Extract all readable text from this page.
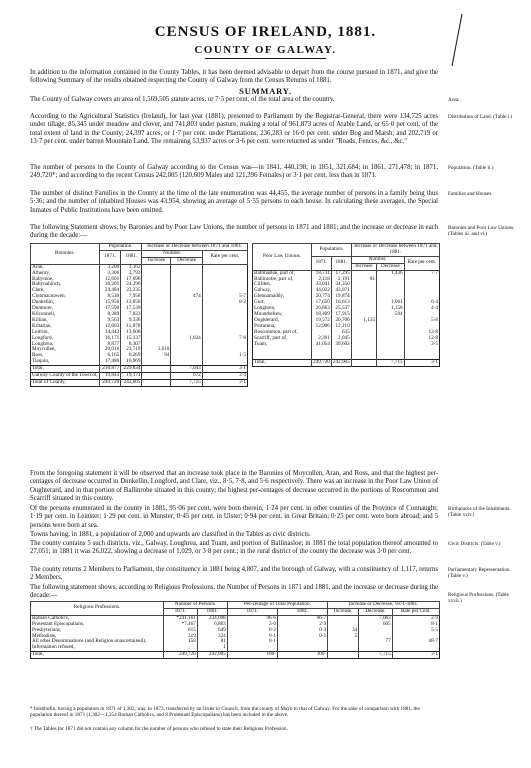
CENSUS OF IRELAND, 1881.
COUNTY OF GALWAY.

In addition to the information contained in the County Tables, it has been deemed advisable to depart from the course pursued in 1871, and give the following Summary of the results obtained respecting the County of Galway from the Census Returns of 1881.

SUMMARY.

The County of Galway covers an area of 1,569,505 statute acres, or 7·5 per cent. of the total area of the country.	Area.

According to the Agricultural Statistics (Ireland), for last year (1881), presented to Parliament by the Registrar-General, there were 134,725 acres under tillage, 85,345 under meadow and clover, and 741,803 under pasture, making a total of 961,873 acres of Arable Land, or 65·0 per cent. of the total extent of land in the County; 24,397 acres, or 1·7 per cent. under Plantations, 236,283 or 16·0 per cent. under Bog and Marsh; and 202,719 or 13·7 per cent. under barren Mountain Land. The remaining 53,937 acres or 3·6 per cent. were returned as under "Roads, Fences, &c., &c."

Distribution of Land. (Table i.)

The number of persons in the County of Galway according to the Census was—in 1841, 440,198; in 1851, 321,684; in 1861, 271,478; in 1871, 249,720*; and according to the recent Census 242,005 (120,609 Males and 121,396 Females) or 3·1 per cent. less than in 1871.

Population. (Table ii.)

The number of distinct Families in the County at the time of the late enumeration was 44,455, the average number of persons in a family being thus 5·36; and the number of inhabited Houses was 43,954, showing an average of 5·55 persons to each house. In calculating these averages, the Special Inmates of Public Institutions have been omitted.

Families and Houses.

The following Statement shows, by Baronies and by Poor Law Unions, the number of persons in 1871 and 1881; and the increase or decrease in each during the decade:—

Baronies and Poor Law Unions. (Tables iii. and vi.)
Baronies.	Population.		Increase or Decrease between 1871 and 1881.		
	1871.	1881.	Number.		Rate per cent.
			Increase	Decrease	
Aran,	3,200	3,163			
Athenry,	3,306	3,793			
Ballymoe,	12,601	17,696			
Ballynahinch,	36,201	24,290			
Clare,	24,484	23,235			
Clonmacnowen,	8,530	7,958		474	5·7
Dunkellin,	15,956	13,856			8·2
Dunmore,	17,590	17,539			
Kilconnell,	8,389	7,823			
Killian,	9,563	9,336			
Kiltartan,	12,603	11,878			
Leitrim,	14,443	13,608			
Longford,	16,171	15,137		1,034	7·8
Loughrea,	8,877	8,307			
Moycullen,	20,016	23,719	1,610		
Ross,	6,165	6,269	94		1·5
Tiaquin,	17,486	16,969			
Total,	230,877	229,834		7,043	3·1
Galway County of the Town of,	19,843	19,171		672	3·4
Total of County,	249,720	242,005		7,715	3·1
Poor Law Unions.	Population.		Increase or Decrease between 1871 and 1881.		
	1871.	1881.	Number.		Rate per cent.
			Increase	Decrease	
Ballinasloe, part of,	18,731	17,295		1,436	7·7
Ballinrobe, part of,	2,118	2,191	81		
Clifden,	33,041	34,350			
Galway,	44,022	43,071			
Glennamaddy,	20,774	19,874			
Gort,	17,650	16,613		1,061	6·4
Loughrea,	26,863	25,537		1,158	4·4
Mountbellew,	18,409	17,915		594	
Oughterard,	19,572	20,706	1,135		5·8
Portumna,	12,906	12,210			
Roscommon, part of,		635			12·8
Scarriff, part of,	2,391	2,045			12·8
Tuam,	41,054	39,602			3·5

Total,	249,720	242,005		7,715	3·1

From the foregoing statement it will be observed that an increase took place in the Baronies of Moycullen, Aran, and Ross, and that the highest per-centages of decrease occurred in Dunkellin, Longford, and Clare, viz., 8·5, 7·8, and 5·6 respectively. There was an increase in the Poor Law Union of Oughterard, and in that portion of Ballinrobe situated in this county; the highest per-centages of decrease occurred in the portions of Roscommon and Scarriff situated in this county.

Of the persons enumerated in the county in 1881, 95·06 per cent. were born therein, 1·24 per cent. in other counties of the Province of Connaught; 1·19 per cent. in Leinster; 1·29 per cent. in Munster; 0·45 per cent. in Ulster; 0·94 per cent. in Great Britain; 0·25 per cent. were born abroad; and 5 persons were born at sea.

Birthplaces of the Inhabitants. (Table xxiv.)

Towns having, in 1881, a population of 2,000 and upwards are classified in the Tables as civic districts.

The county contains 5 such districts, viz., Galway, Loughrea, and Tuam, and portion of Ballinasloe; in 1881 the total population thereof amounted to 27,051; in 1881 it was 26,022, showing a decrease of 1,029, or 3·8 per cent.; in the rural district of the county the decrease was 3·0 per cent.

Civic Districts. (Table v.)

The county returns 2 Members to Parliament, the constituency in 1881 being 4,807, and the borough of Galway, with a constituency of 1,117, returns 2 Members.

Parliamentary Representation (Table v.)

The following statement shows, according to Religious Professions, the Number of Persons in 1871 and 1881, and the increase or decrease during the decade:—	Religious Professions. (Table xxvii.)
Religious Professions.	Number of Persons.		Per-centage of Total Population.		Increase or Decrease, 1871-1881.		
	1871.	1881.	1871.	1881.	Increase.	Decrease.	Rate per Cent.
Roman Catholics,	*241,161	234,098	96·6	96·7		7,063	2·9
Protestant Episcopalians,	*7,467	6,863	3·0	2·9		605	8·1
Presbyterians,	615	649	0·2	0·3	34		5·5
Methodists,	319	324	0·1	0·1	5		
All other Denominations (and Religion unascertained),	158	81	0·1			77	48·7
Information refused,		1					
Total,	249,720	242,005	100·	100·		7,715	3·1
* Inishbofin, having a population in 1871 of 1,302, was, in 1873, transferred by an Order in Council, from the county of Mayo to that of Galway. For the sake of comparison with 1881, the population thereof in 1871 (1,302—1,254 Roman Catholics, and 8 Protestant Episcopalians) has been included in the above.
† The Tables for 1871 did not contain any column for the number of persons who refused to state their Religious Profession.
